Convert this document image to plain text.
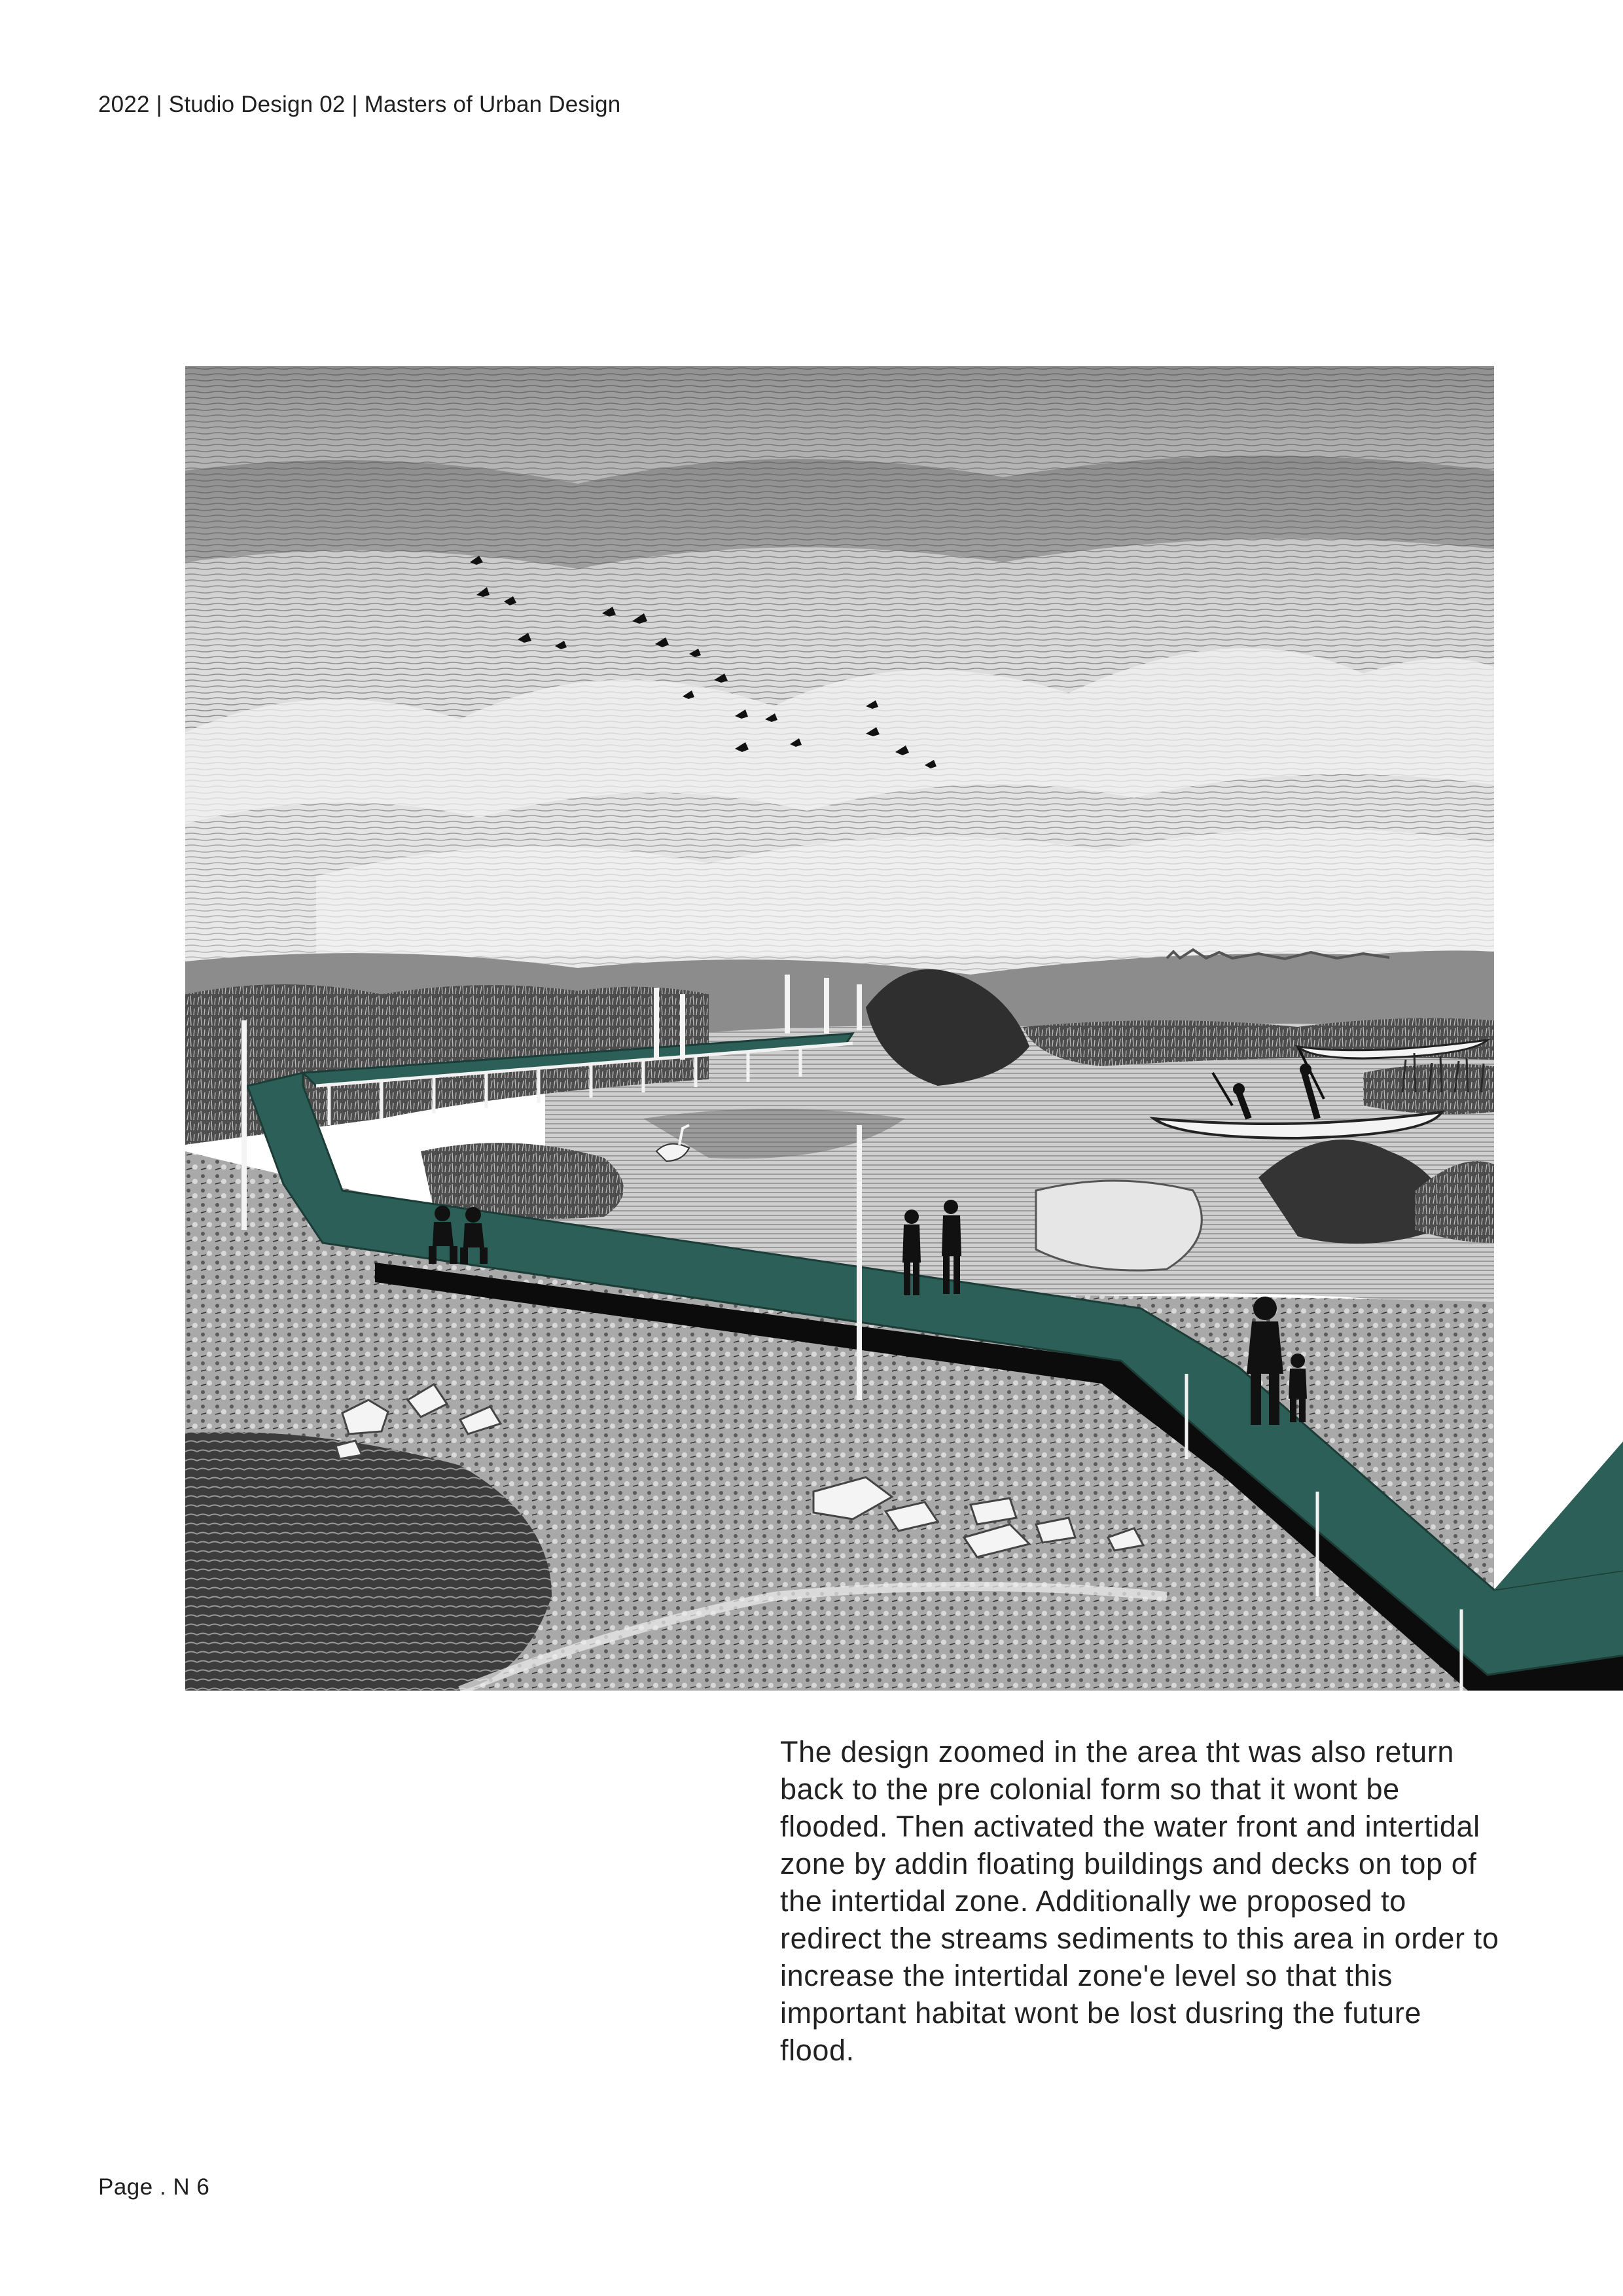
2022 | Studio Design 02 | Masters of Urban Design
The design zoomed in the area tht was also return back to the pre colonial form so that it wont be flooded. Then activated the water front and intertidal zone by addin floating buildings and decks on top of the intertidal zone. Additionally we proposed to redirect the streams sediments to this area in order to increase the intertidal zone'e level so that this important habitat wont be lost dusring the future flood.
Page . N 6
